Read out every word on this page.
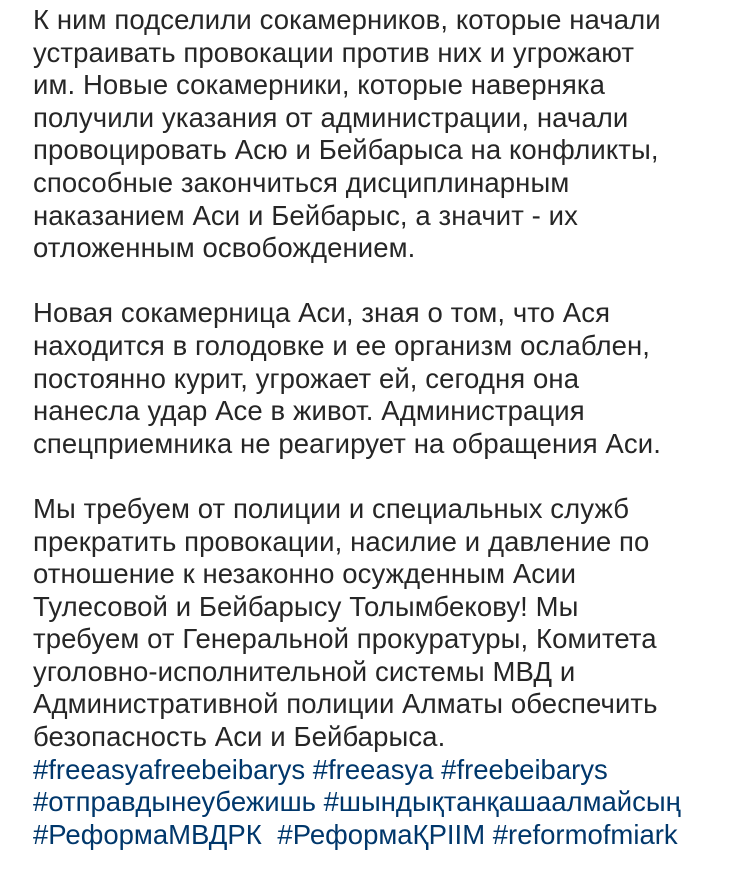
К ним подселили сокамерников, которые начали
устраивать провокации против них и угрожают
им. Новые сокамерники, которые наверняка
получили указания от администрации, начали
провоцировать Асю и Бейбарыса на конфликты,
способные закончиться дисциплинарным
наказанием Аси и Бейбарыс, а значит - их
отложенным освобождением.

Новая сокамерница Аси, зная о том, что Ася
находится в голодовке и ее организм ослаблен,
постоянно курит, угрожает ей, сегодня она
нанесла удар Асе в живот. Администрация
спецприемника не реагирует на обращения Аси.

Мы требуем от полиции и специальных служб
прекратить провокации, насилие и давление по
отношение к незаконно осужденным Асии
Тулесовой и Бейбарысу Толымбекову! Мы
требуем от Генеральной прокуратуры, Комитета
уголовно-исполнительной системы МВД и
Административной полиции Алматы обеспечить
безопасность Аси и Бейбарыса.

#freeasyafreebeibarys #freeasya #freebeibarys
#отправдынеубежишь #шындықтанқашаалмайсың
#РеформаМВДРК #РеформаҚРІІМ #reformofmiark
